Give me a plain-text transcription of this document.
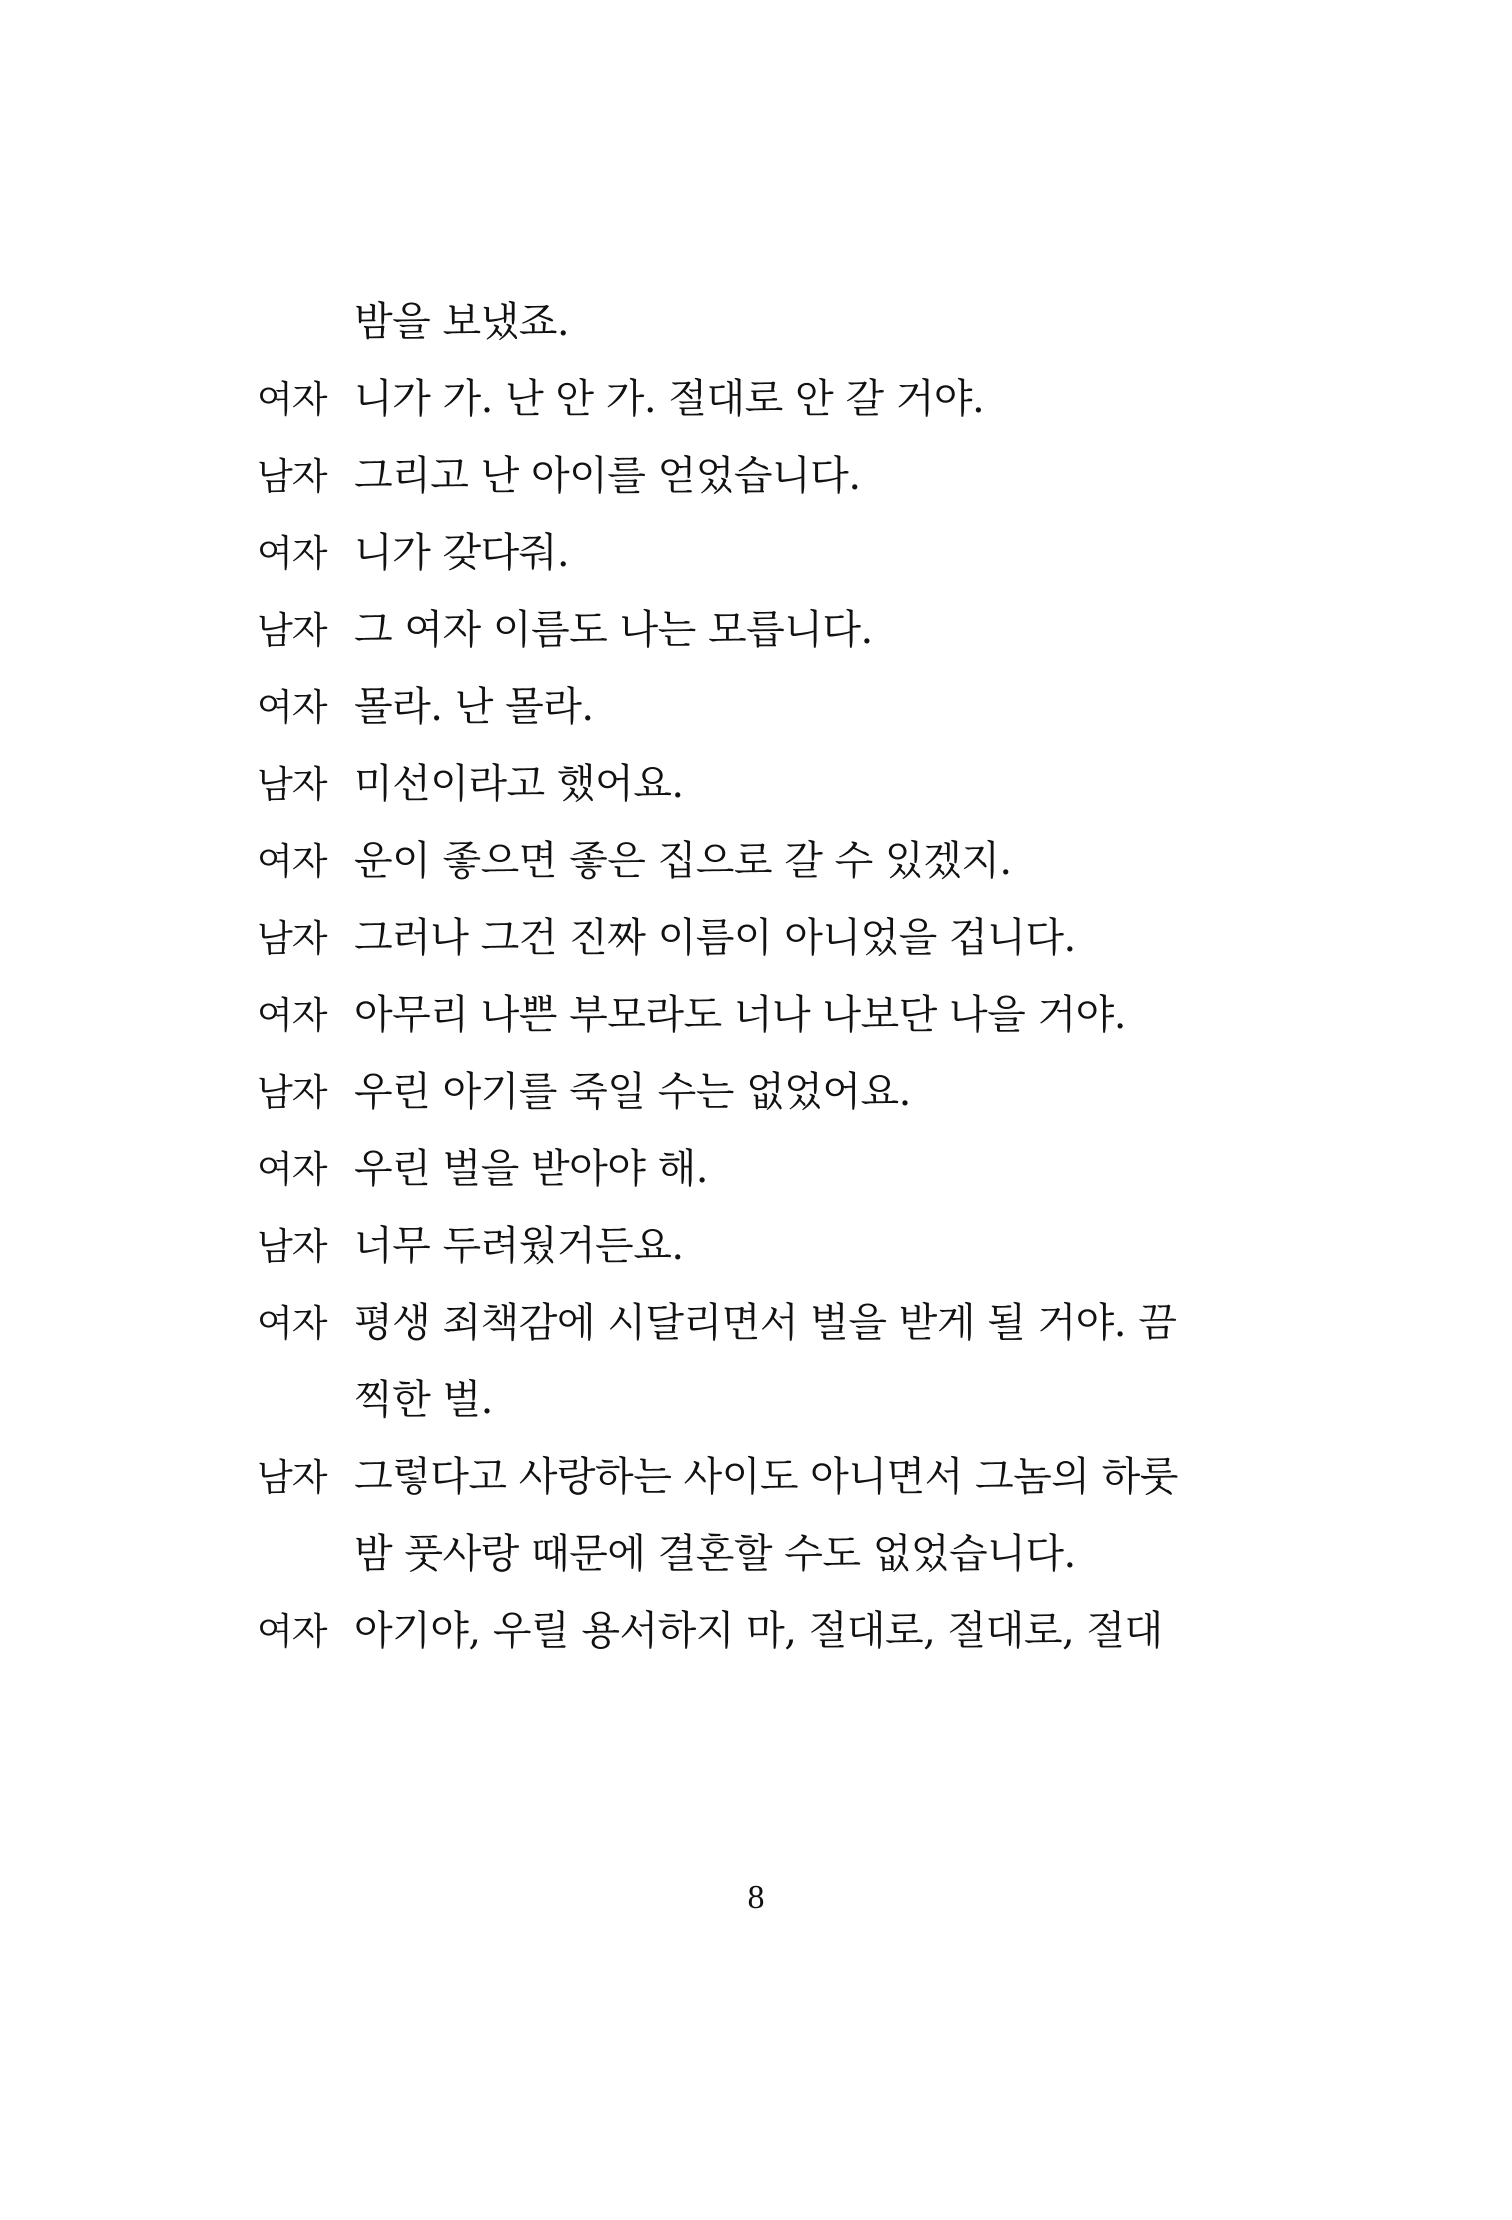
밤을 보냈죠.
여자 니가 가. 난 안 가. 절대로 안 갈 거야.
남자 그리고 난 아이를 얻었습니다.
여자 니가 갖다줘.
남자 그 여자 이름도 나는 모릅니다.
여자 몰라. 난 몰라.
남자 미선이라고 했어요.
여자 운이 좋으면 좋은 집으로 갈 수 있겠지.
남자 그러나 그건 진짜 이름이 아니었을 겁니다.
여자 아무리 나쁜 부모라도 너나 나보단 나을 거야.
남자 우린 아기를 죽일 수는 없었어요.
여자 우린 벌을 받아야 해.
남자 너무 두려웠거든요.
여자 평생 죄책감에 시달리면서 벌을 받게 될 거야. 끔
찍한 벌.
남자 그렇다고 사랑하는 사이도 아니면서 그놈의 하룻
밤 풋사랑 때문에 결혼할 수도 없었습니다.
여자 아기야, 우릴 용서하지 마, 절대로, 절대로, 절대
8
